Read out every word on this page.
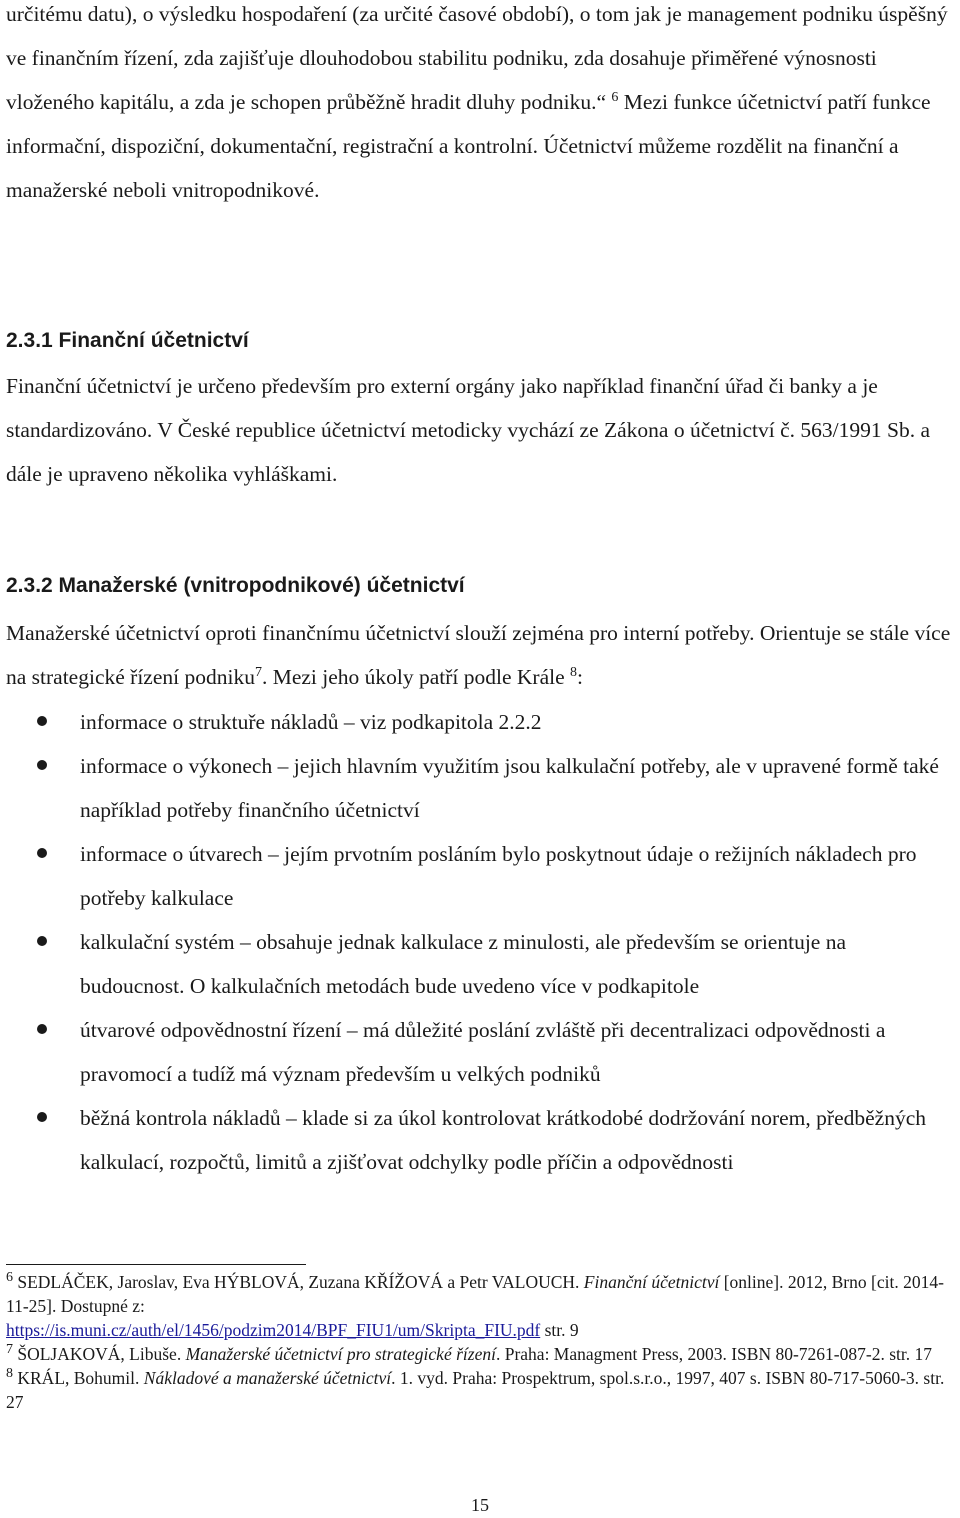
určitému datu), o výsledku hospodaření (za určité časové období), o tom jak je management podniku úspěšný ve finančním řízení, zda zajišťuje dlouhodobou stabilitu podniku, zda dosahuje přiměřené výnosnosti vloženého kapitálu, a zda je schopen průběžně hradit dluhy podniku.“ $^6$ Mezi funkce účetnictví patří funkce informační, dispoziční, dokumentační, registrační a kontrolní. Účetnictví můžeme rozdělit na finanční a manažerské neboli vnitropodnikové.

2.3.1 Finanční účetnictví

Finanční účetnictví je určeno především pro externí orgány jako například finanční úřad či banky a je standardizováno. V České republice účetnictví metodicky vychází ze Zákona o účetnictví č. 563/1991 Sb. a dále je upraveno několika vyhláškami.

2.3.2 Manažerské (vnitropodnikové) účetnictví

Manažerské účetnictví oproti finančnímu účetnictví slouží zejména pro interní potřeby. Orientuje se stále více na strategické řízení podniku$^7$. Mezi jeho úkoly patří podle Krále $^8$:

informace o struktuře nákladů – viz podkapitola 2.2.2
informace o výkonech – jejich hlavním využitím jsou kalkulační potřeby, ale v upravené formě také například potřeby finančního účetnictví
informace o útvarech – jejím prvotním posláním bylo poskytnout údaje o režijních nákladech pro potřeby kalkulace
kalkulační systém – obsahuje jednak kalkulace z minulosti, ale především se orientuje na budoucnost. O kalkulačních metodách bude uvedeno více v podkapitole
útvarové odpovědnostní řízení – má důležité poslání zvláště při decentralizaci odpovědnosti a pravomocí a tudíž má význam především u velkých podniků
běžná kontrola nákladů – klade si za úkol kontrolovat krátkodobé dodržování norem, předběžných kalkulací, rozpočtů, limitů a zjišťovat odchylky podle příčin a odpovědnosti

$^6$ SEDLÁČEK, Jaroslav, Eva HÝBLOVÁ, Zuzana KŘÍŽOVÁ a Petr VALOUCH. Finanční účetnictví [online]. 2012, Brno [cit. 2014-11-25]. Dostupné z:
https://is.muni.cz/auth/el/1456/podzim2014/BPF_FIU1/um/Skripta_FIU.pdf str. 9

$^7$ ŠOLJAKOVÁ, Libuše. Manažerské účetnictví pro strategické řízení. Praha: Managment Press, 2003. ISBN 80-7261-087-2. str. 17

$^8$ KRÁL, Bohumil. Nákladové a manažerské účetnictví. 1. vyd. Praha: Prospektrum, spol.s.r.o., 1997, 407 s. ISBN 80-717-5060-3. str. 27

15
